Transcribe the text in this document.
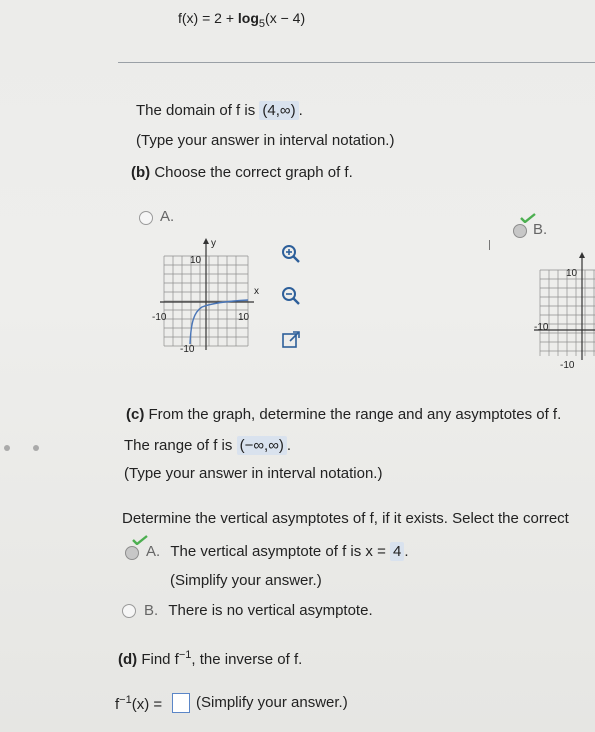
$f(x) = 2 + \log_5(x - 4)$
The domain of f is (4,∞) .
(Type your answer in interval notation.)
(b) Choose the correct graph of f.
A.
y
x
10
-10	10
-10
B.
10
-10
-10
(c) From the graph, determine the range and any asymptotes of f.
The range of f is (−∞,∞) .
(Type your answer in interval notation.)
Determine the vertical asymptotes of f, if it exists. Select the correct
A. The vertical asymptote of f is x = 4 .
(Simplify your answer.)
B. There is no vertical asymptote.
(d) Find $f^{-1}$, the inverse of f.
$f^{-1}(x)$ = (Simplify your answer.)
